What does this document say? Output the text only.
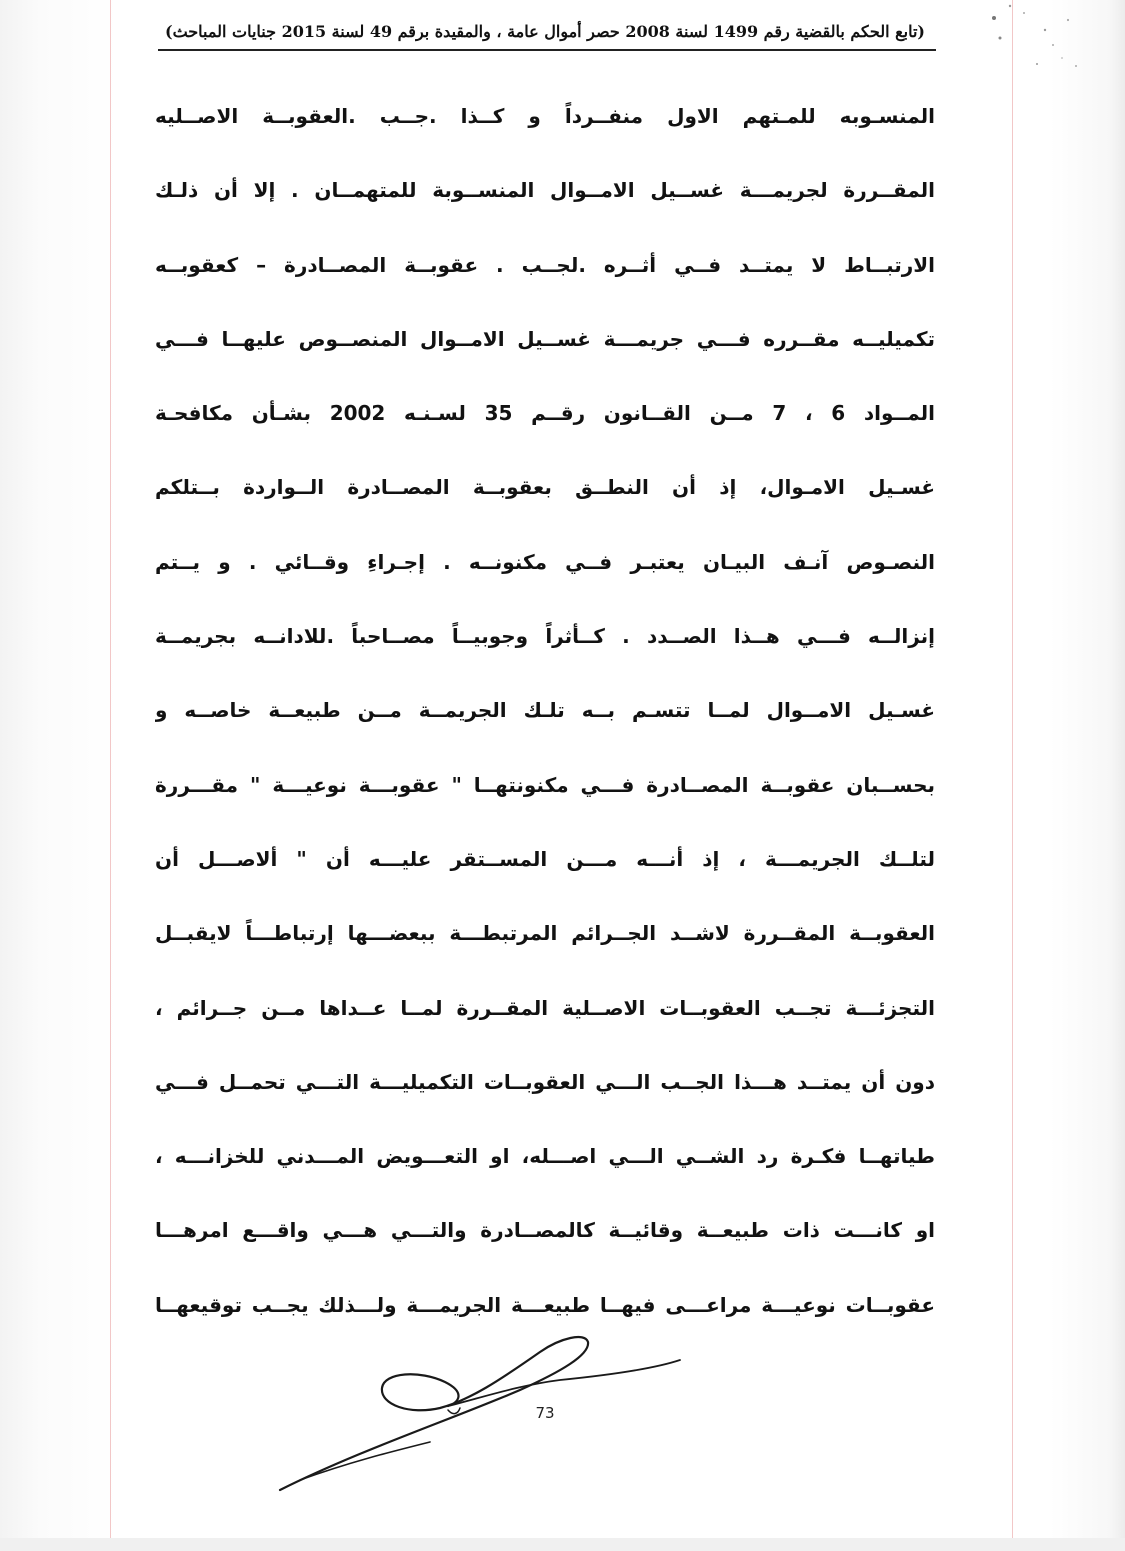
(تابع الحكم بالقضية رقم 1499 لسنة 2008 حصر أموال عامة ، والمقيدة برقم 49 لسنة 2015 جنايات المباحث)
المنسـوبه للمـتهم الاول منفــرداً و كــذا .جــب .العقوبــة الاصــليه
المقــررة لجريمـــة غســيل الامــوال المنســوبة للمتهمــان . إلا أن ذلـك
الارتبــاط لا يمتــد فــي أثــره .لجــب . عقوبــة المصــادرة – كعقوبــه
تكميليــه مقــرره فـــي جريمـــة غســيل الامــوال المنصــوص عليهــا فـــي
المــواد 6 ، 7 مــن القــانون رقــم 35 لسـنـه 2002 بشـأن مكافحـة
غسـيل الامـوال، إذ أن النطــق بعقوبــة المصــادرة الــواردة بــتلكم
النصـوص آنـف البيـان يعتبـر فــي مكنونــه . إجـراءِ وقــائي . و يــتم
إنزالــه فـــي هــذا الصــدد . كــأثراً وجوبيــاً مصــاحباً .للادانــه بجريمــة
غسـيل الامــوال لمــا تتسـم بــه تلـك الجريمــة مــن طبيعــة خاصــه و
بحســبان عقوبــة المصــادرة فـــي مكنونتهــا " عقوبـــة نوعيـــة " مقـــررة
لتلــك الجريمـــة ، إذ أنـــه مـــن المســتقر عليـــه أن " ألاصـــل أن
العقوبــة المقــررة لاشــد الجــرائم المرتبطـــة ببعضـــها إرتباطـــاً لايقبــل
التجزئـــة تجــب العقوبــات الاصــلية المقــررة لمــا عــداها مــن جــرائم ،
دون أن يمتــد هـــذا الجــب الـــي العقوبــات التكميليـــة التـــي تحمــل فـــي
طياتهــا فكـرة رد الشــي الـــي اصـــله، او التعـــويض المـــدني للخزانـــه ،
او كانـــت ذات طبيعــة وقائيــة كالمصــادرة والتـــي هـــي واقـــع امرهـــا
عقوبــات نوعيـــة مراعـــى فيهــا طبيعـــة الجريمـــة ولـــذلك يجــب توقيعهــا
73
